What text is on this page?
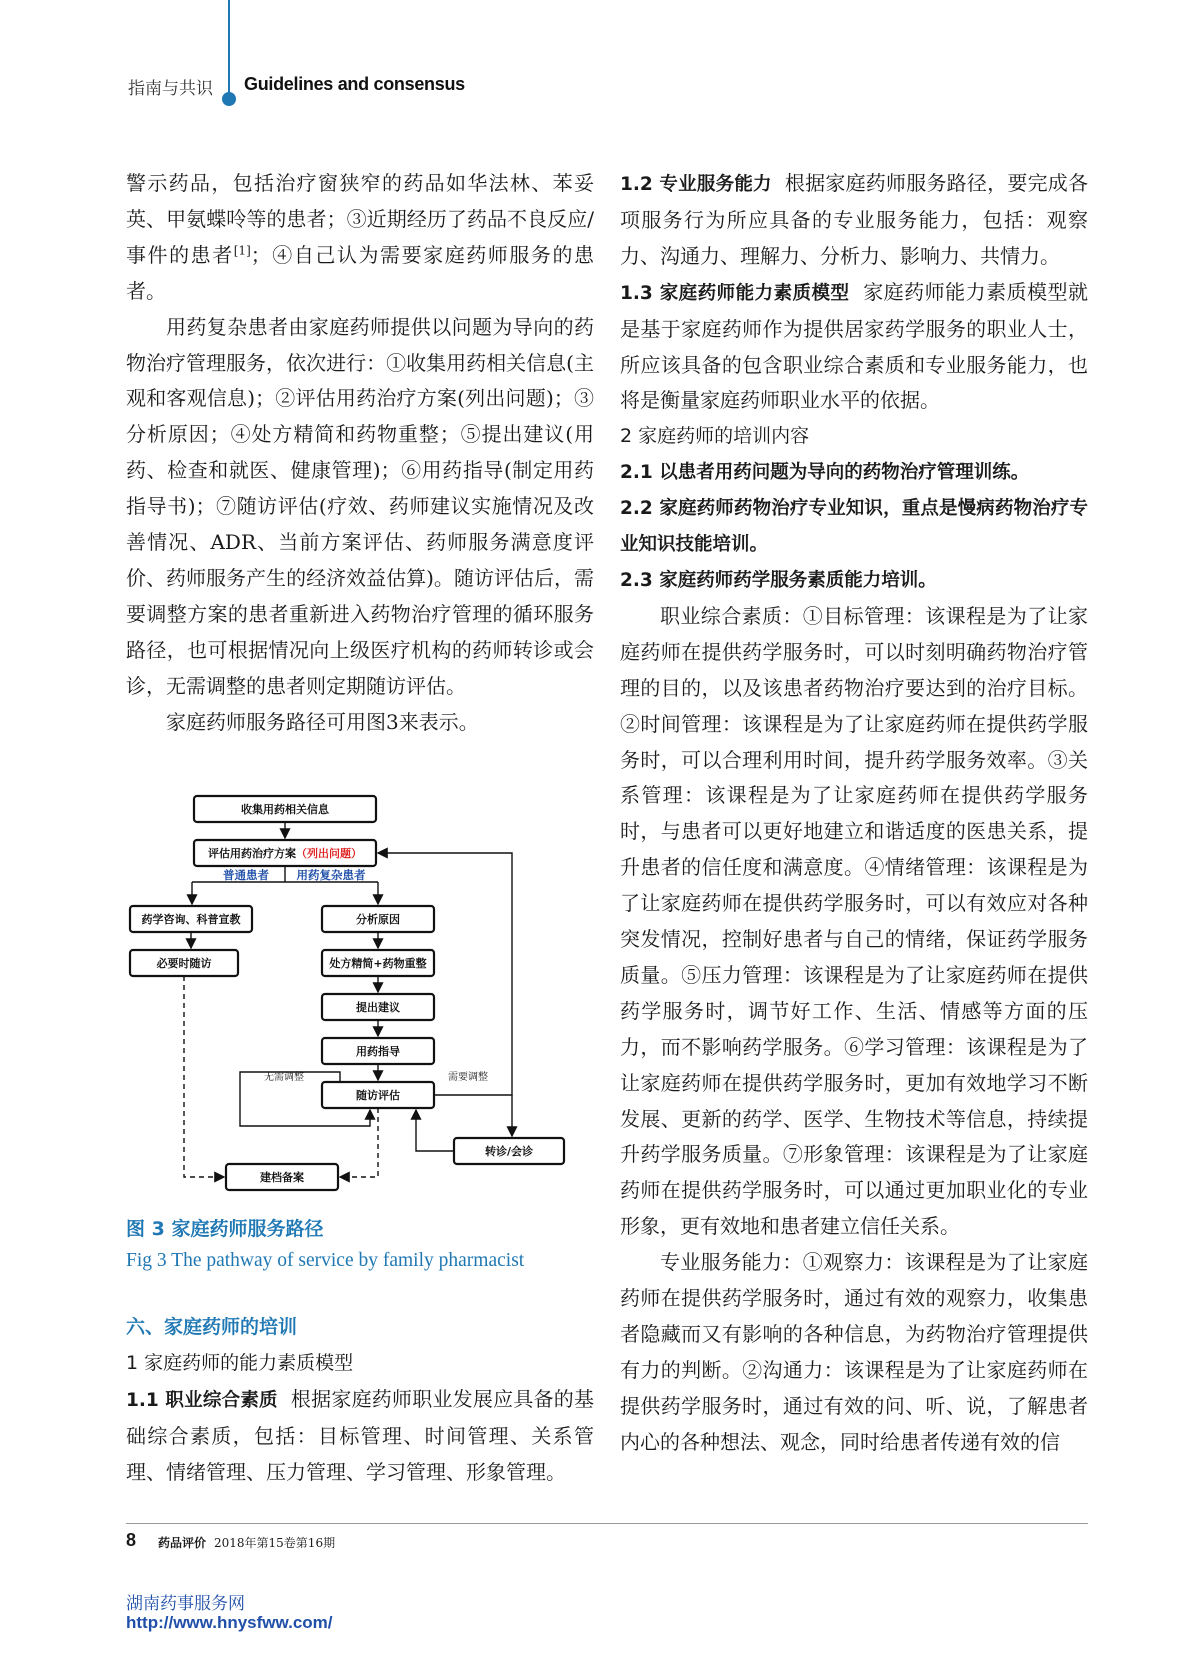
指南与共识 Guidelines and consensus

警示药品，包括治疗窗狭窄的药品如华法林、苯妥英、甲氨蝶呤等的患者；③近期经历了药品不良反应/事件的患者[1]；④自己认为需要家庭药师服务的患者。

用药复杂患者由家庭药师提供以问题为导向的药物治疗管理服务，依次进行：①收集用药相关信息(主观和客观信息)；②评估用药治疗方案(列出问题)；③分析原因；④处方精简和药物重整；⑤提出建议(用药、检查和就医、健康管理)；⑥用药指导(制定用药指导书)；⑦随访评估(疗效、药师建议实施情况及改善情况、ADR、当前方案评估、药师服务满意度评价、药师服务产生的经济效益估算)。随访评估后，需要调整方案的患者重新进入药物治疗管理的循环服务路径，也可根据情况向上级医疗机构的药师转诊或会诊，无需调整的患者则定期随访评估。

家庭药师服务路径可用图3来表示。

收集用药相关信息
评估用药治疗方案（列出问题）
普通患者 用药复杂患者
药学咨询、科普宣教
必要时随访
分析原因
处方精简+药物重整
提出建议
用药指导
随访评估
无需调整	需要调整
转诊/会诊
建档备案
图 3 家庭药师服务路径
Fig 3 The pathway of service by family pharmacist

六、家庭药师的培训

1 家庭药师的能力素质模型

1.1 职业综合素质 根据家庭药师职业发展应具备的基础综合素质，包括：目标管理、时间管理、关系管理、情绪管理、压力管理、学习管理、形象管理。

1.2 专业服务能力 根据家庭药师服务路径，要完成各项服务行为所应具备的专业服务能力，包括：观察力、沟通力、理解力、分析力、影响力、共情力。

1.3 家庭药师能力素质模型 家庭药师能力素质模型就是基于家庭药师作为提供居家药学服务的职业人士，所应该具备的包含职业综合素质和专业服务能力，也将是衡量家庭药师职业水平的依据。

2 家庭药师的培训内容

2.1 以患者用药问题为导向的药物治疗管理训练。

2.2 家庭药师药物治疗专业知识，重点是慢病药物治疗专业知识技能培训。

2.3 家庭药师药学服务素质能力培训。

职业综合素质：①目标管理：该课程是为了让家庭药师在提供药学服务时，可以时刻明确药物治疗管理的目的，以及该患者药物治疗要达到的治疗目标。②时间管理：该课程是为了让家庭药师在提供药学服务时，可以合理利用时间，提升药学服务效率。③关系管理：该课程是为了让家庭药师在提供药学服务时，与患者可以更好地建立和谐适度的医患关系，提升患者的信任度和满意度。④情绪管理：该课程是为了让家庭药师在提供药学服务时，可以有效应对各种突发情况，控制好患者与自己的情绪，保证药学服务质量。⑤压力管理：该课程是为了让家庭药师在提供药学服务时，调节好工作、生活、情感等方面的压力，而不影响药学服务。⑥学习管理：该课程是为了让家庭药师在提供药学服务时，更加有效地学习不断发展、更新的药学、医学、生物技术等信息，持续提升药学服务质量。⑦形象管理：该课程是为了让家庭药师在提供药学服务时，可以通过更加职业化的专业形象，更有效地和患者建立信任关系。

专业服务能力：①观察力：该课程是为了让家庭药师在提供药学服务时，通过有效的观察力，收集患者隐藏而又有影响的各种信息，为药物治疗管理提供有力的判断。②沟通力：该课程是为了让家庭药师在提供药学服务时，通过有效的问、听、说，了解患者内心的各种想法、观念，同时给患者传递有效的信

8 药品评价 2018年第15卷第16期
湖南药事服务网
http://www.hnysfww.com/
